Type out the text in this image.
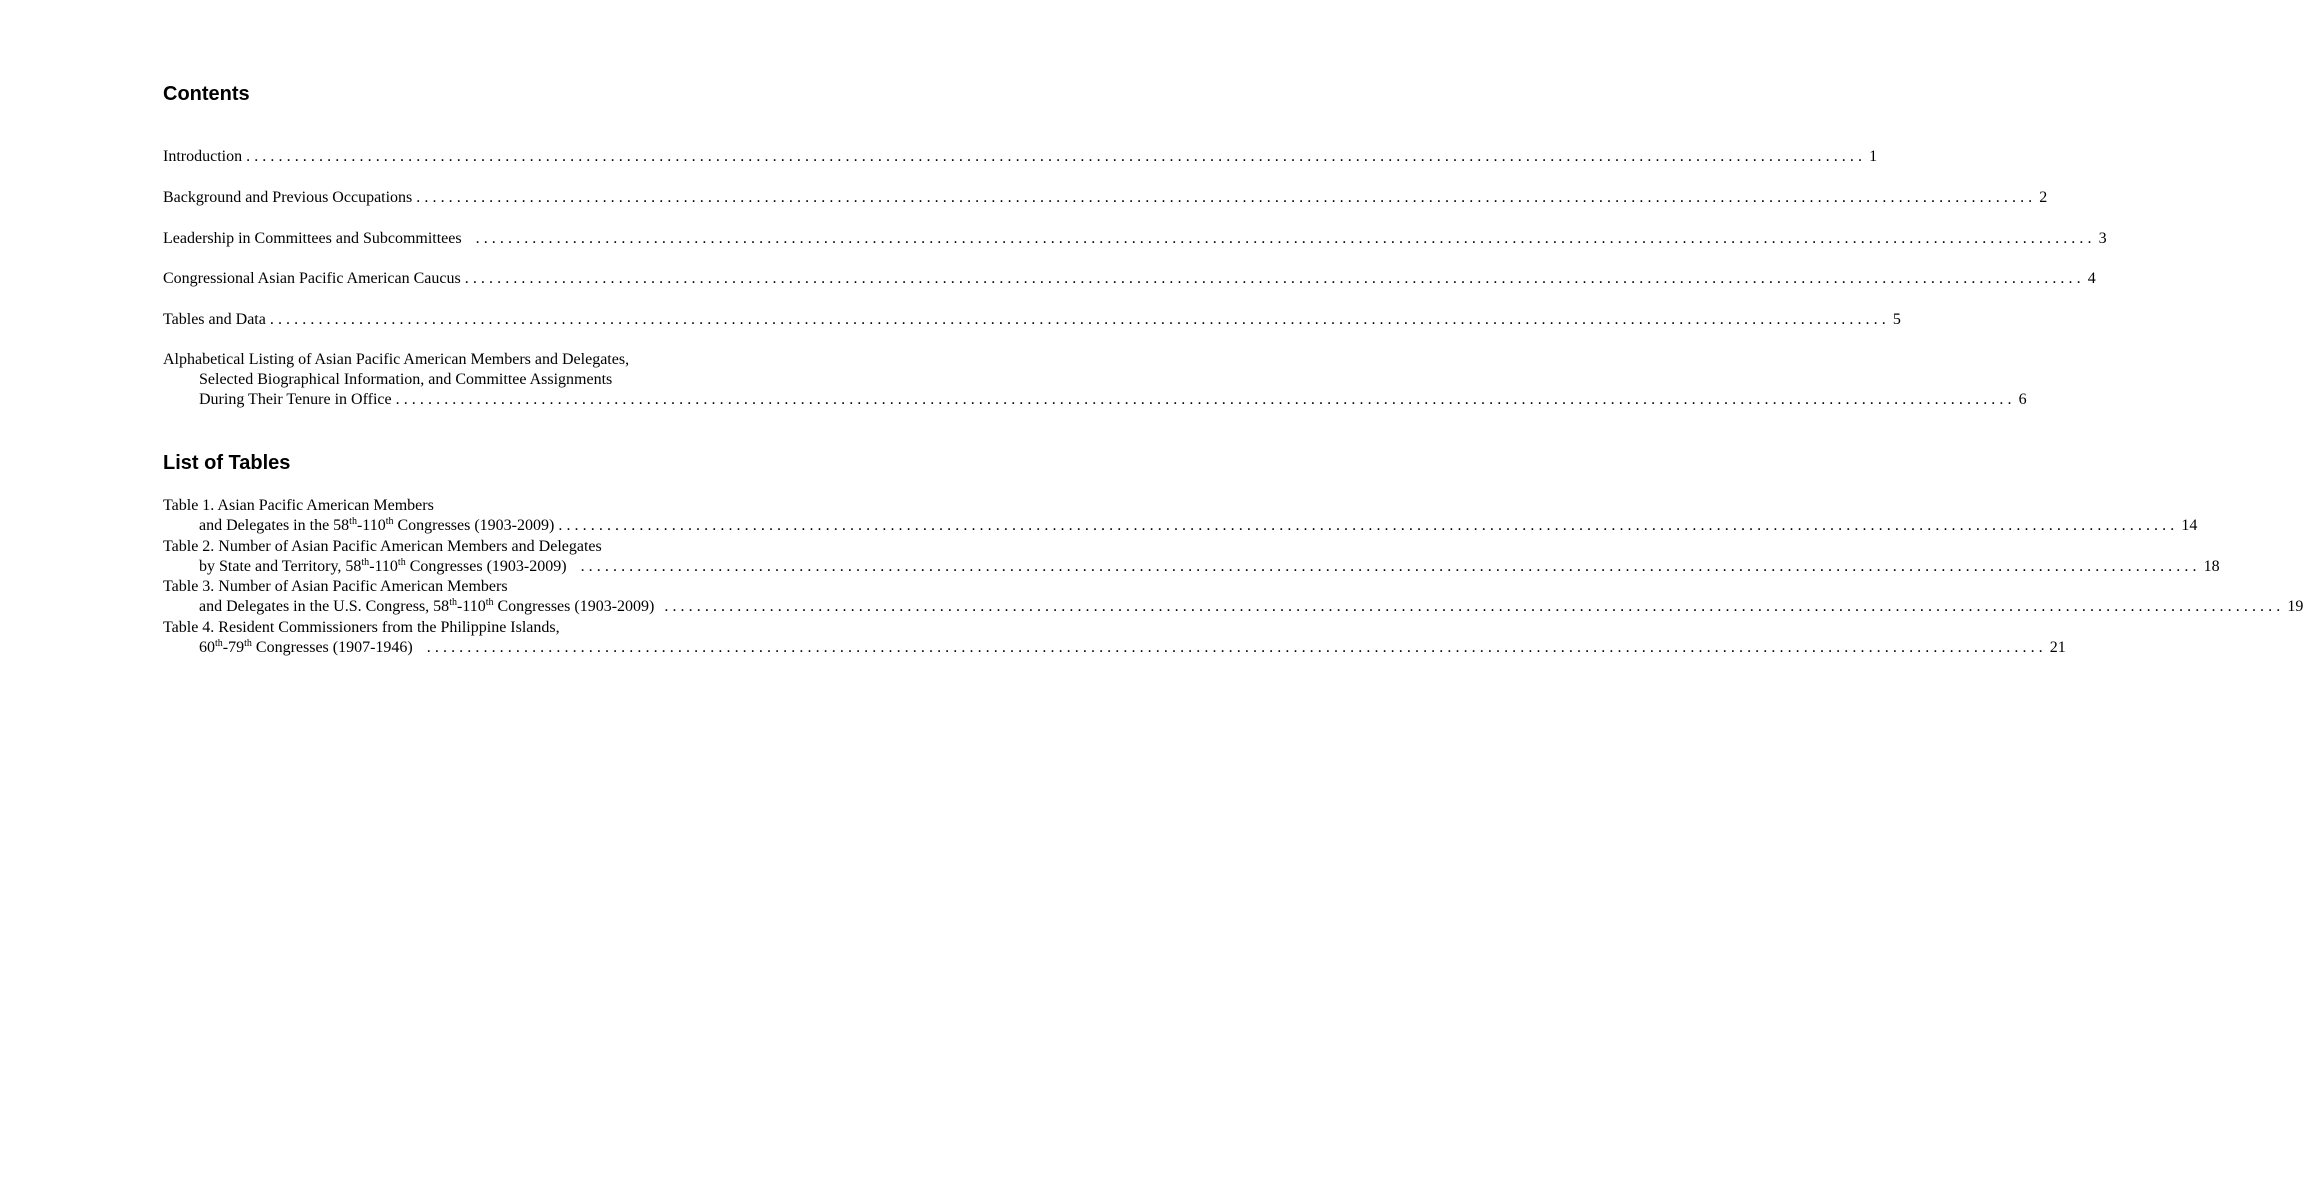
Contents
Introduction ........................................................................................................................................................................................................ 1
Background and Previous Occupations ........................................................................................................................................................................................................ 2
Leadership in Committees and Subcommittees ........................................................................................................................................................................................................ 3
Congressional Asian Pacific American Caucus ........................................................................................................................................................................................................ 4
Tables and Data ........................................................................................................................................................................................................ 5
Alphabetical Listing of Asian Pacific American Members and Delegates,
Selected Biographical Information, and Committee Assignments
During Their Tenure in Office ........................................................................................................................................................................................................ 6
List of Tables
Table 1. Asian Pacific American Members
and Delegates in the 58th-110th Congresses (1903-2009) ........................................................................................................................................................................................................ 14
Table 2. Number of Asian Pacific American Members and Delegates
by State and Territory, 58th-110th Congresses (1903-2009) ........................................................................................................................................................................................................ 18
Table 3. Number of Asian Pacific American Members
and Delegates in the U.S. Congress, 58th-110th Congresses (1903-2009) ........................................................................................................................................................................................................ 19
Table 4. Resident Commissioners from the Philippine Islands,
60th-79th Congresses (1907-1946) ........................................................................................................................................................................................................ 21
